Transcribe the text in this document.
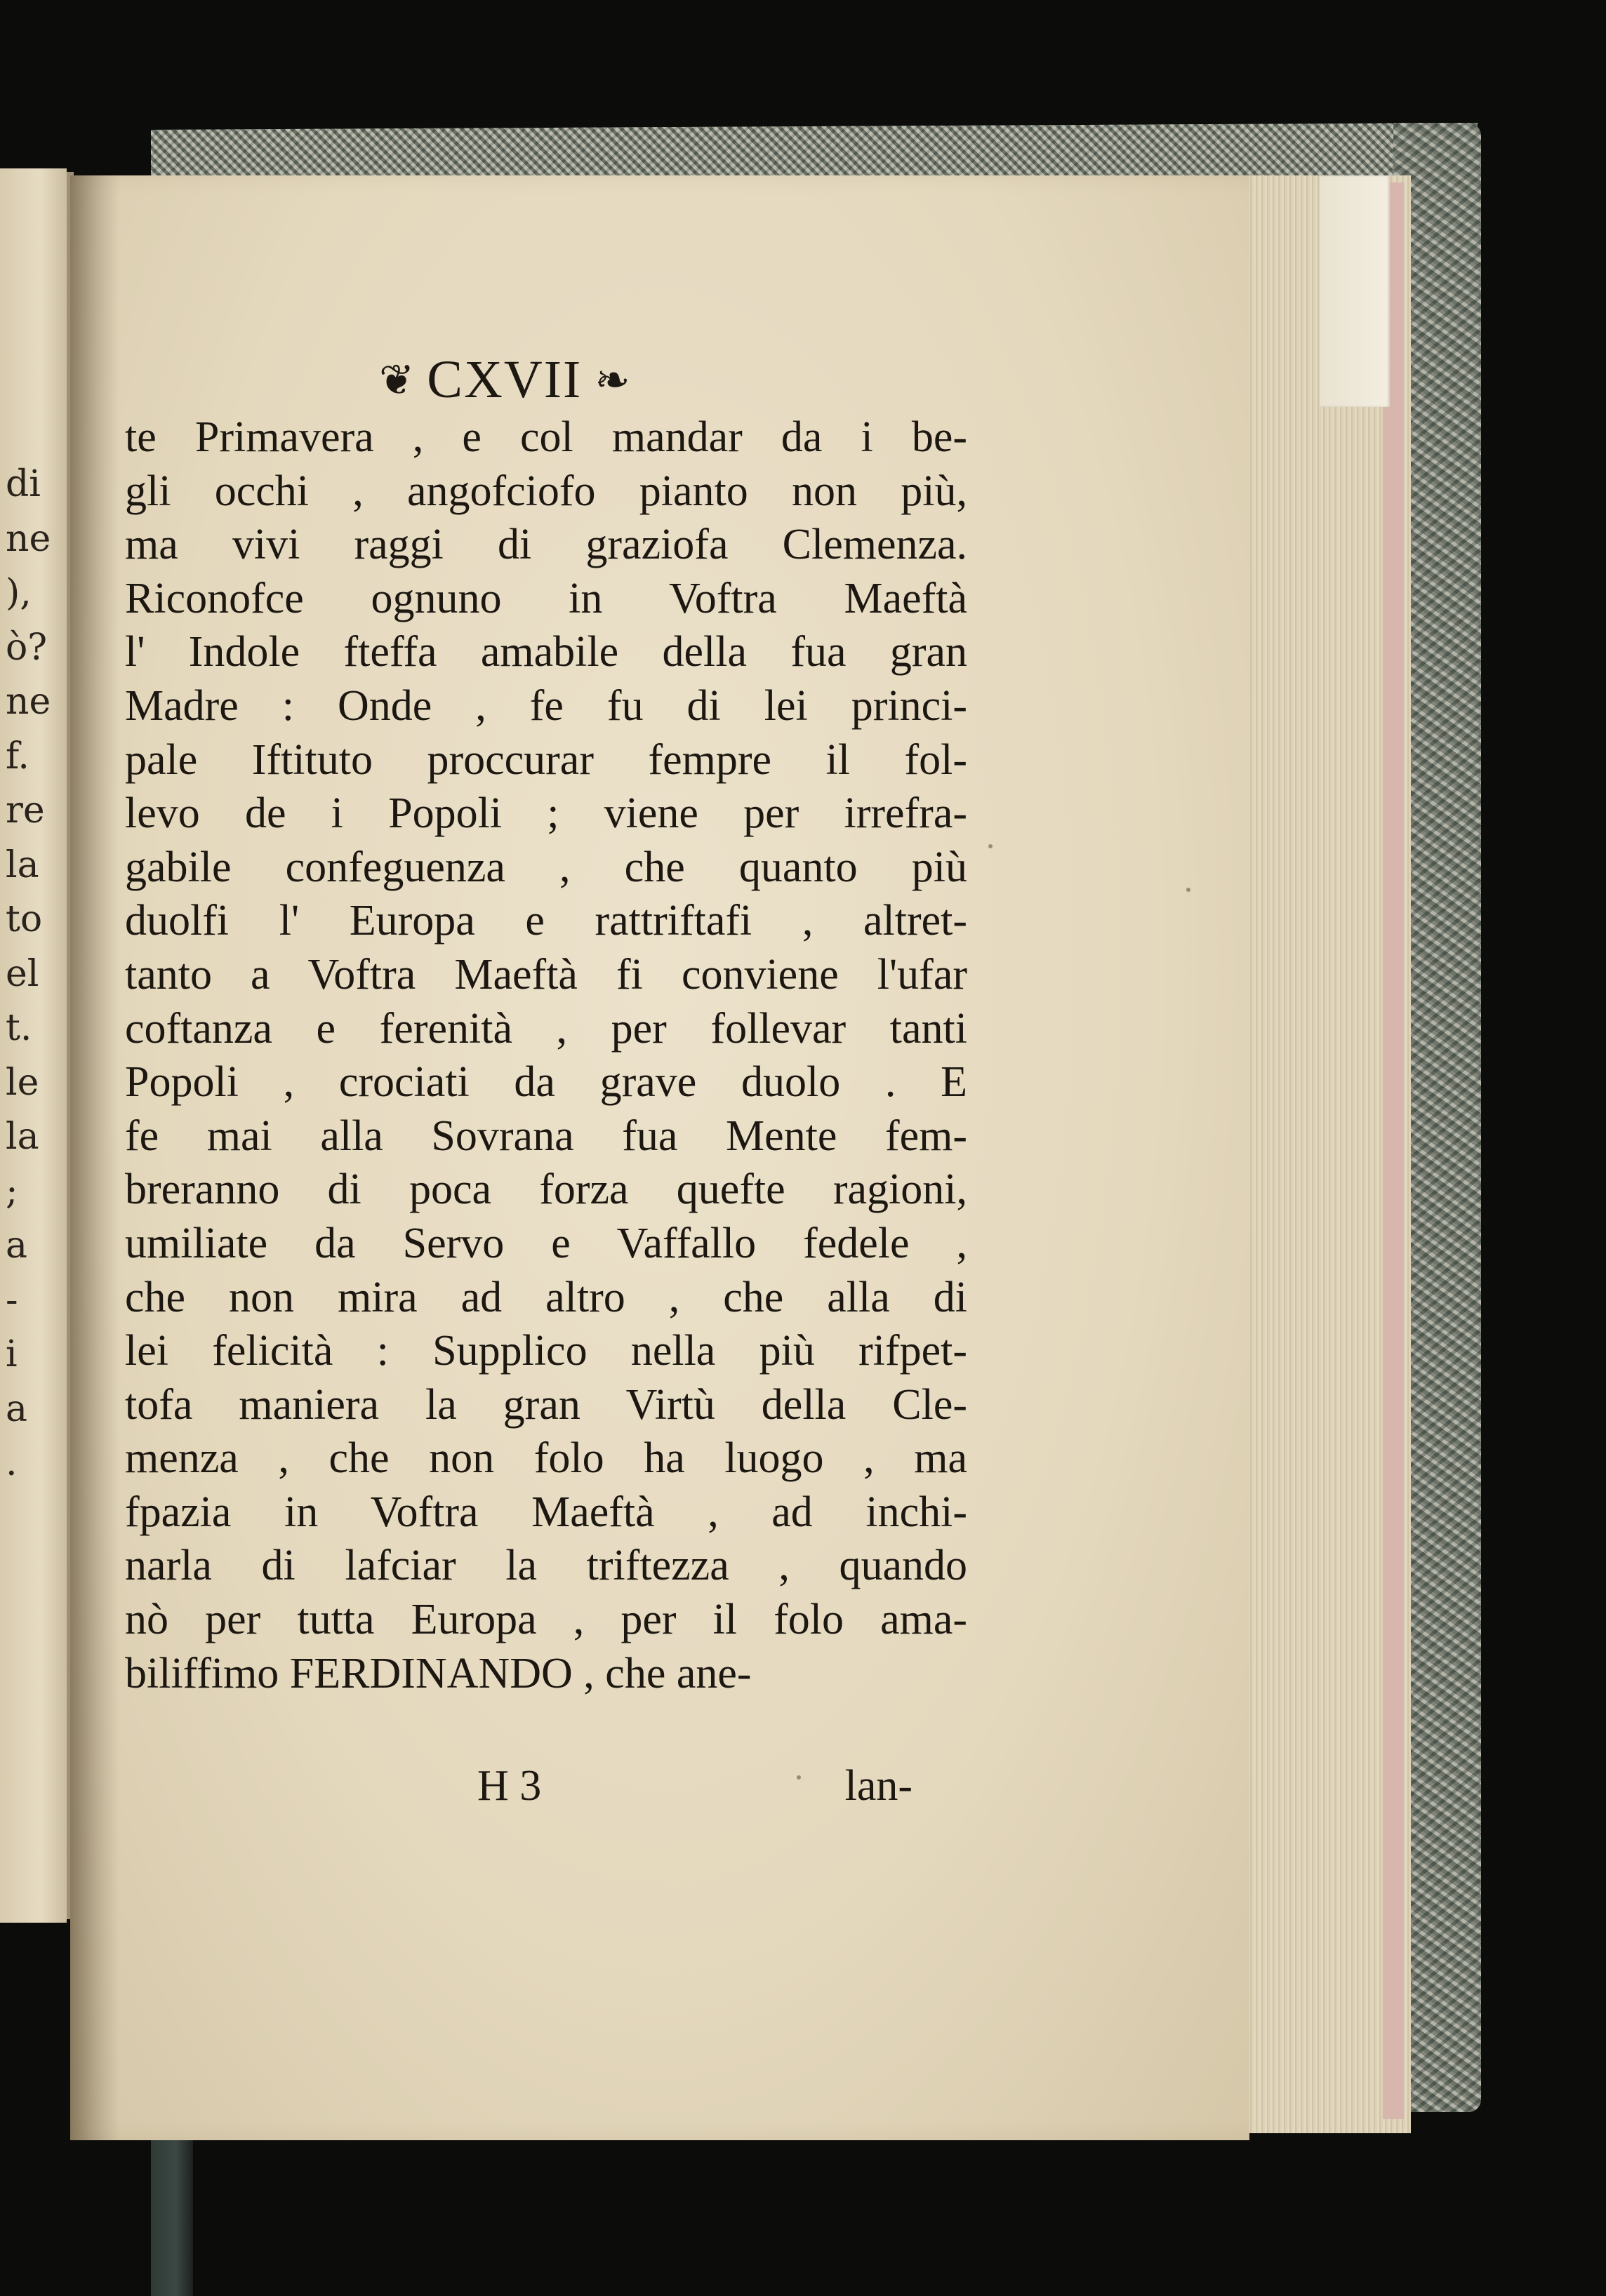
di
ne
),
ò?
ne
f.
re
la
to
el
t.
le
la
;
a
-
i
a
.
❦ CXVII ❧
te Primavera , e col mandar da i be-
gli occhi , angofciofo pianto non più,
ma vivi raggi di graziofa Clemenza.
Riconofce ognuno in Voftra Maeftà
l' Indole fteffa amabile della fua gran
Madre : Onde , fe fu di lei princi-
pale Iftituto proccurar fempre il fol-
levo de i Popoli ; viene per irrefra-
gabile confeguenza , che quanto più
duolfi l' Europa e rattriftafi , altret-
tanto a Voftra Maeftà fi conviene l'ufar
coftanza e ferenità , per follevar tanti
Popoli , crociati da grave duolo . E
fe mai alla Sovrana fua Mente fem-
breranno di poca forza quefte ragioni,
umiliate da Servo e Vaffallo fedele ,
che non mira ad altro , che alla di
lei felicità : Supplico nella più rifpet-
tofa maniera la gran Virtù della Cle-
menza , che non folo ha luogo , ma
fpazia in Voftra Maeftà , ad inchi-
narla di lafciar la triftezza , quando
nò per tutta Europa , per il folo ama-
biliffimo FERDINANDO , che ane-
H 3	lan-
